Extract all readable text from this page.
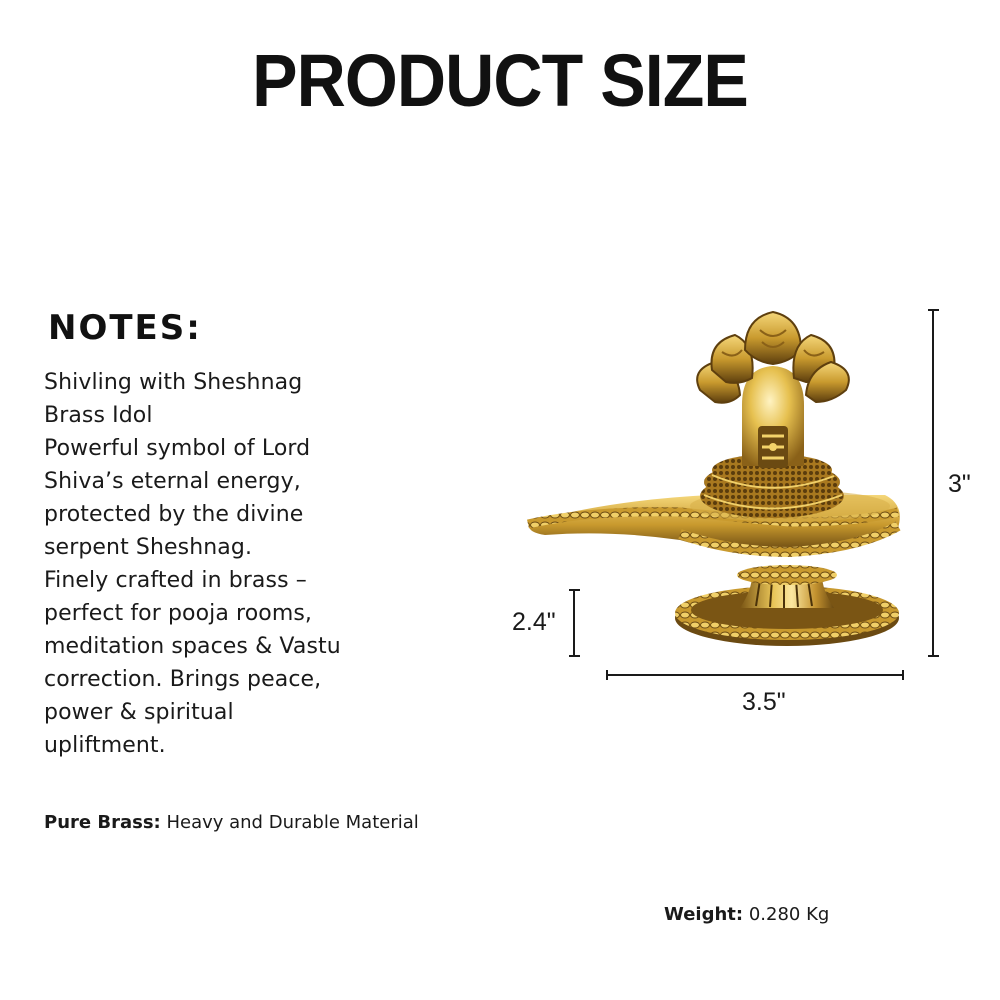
PRODUCT SIZE
NOTES:
Shivling with Sheshnag
Brass Idol
Powerful symbol of Lord
Shiva’s eternal energy,
protected by the divine
serpent Sheshnag.
Finely crafted in brass –
perfect for pooja rooms,
meditation spaces & Vastu
correction. Brings peace,
power & spiritual
upliftment.
Pure Brass: Heavy and Durable Material
Weight: 0.280 Kg
3"
2.4"
3.5"
